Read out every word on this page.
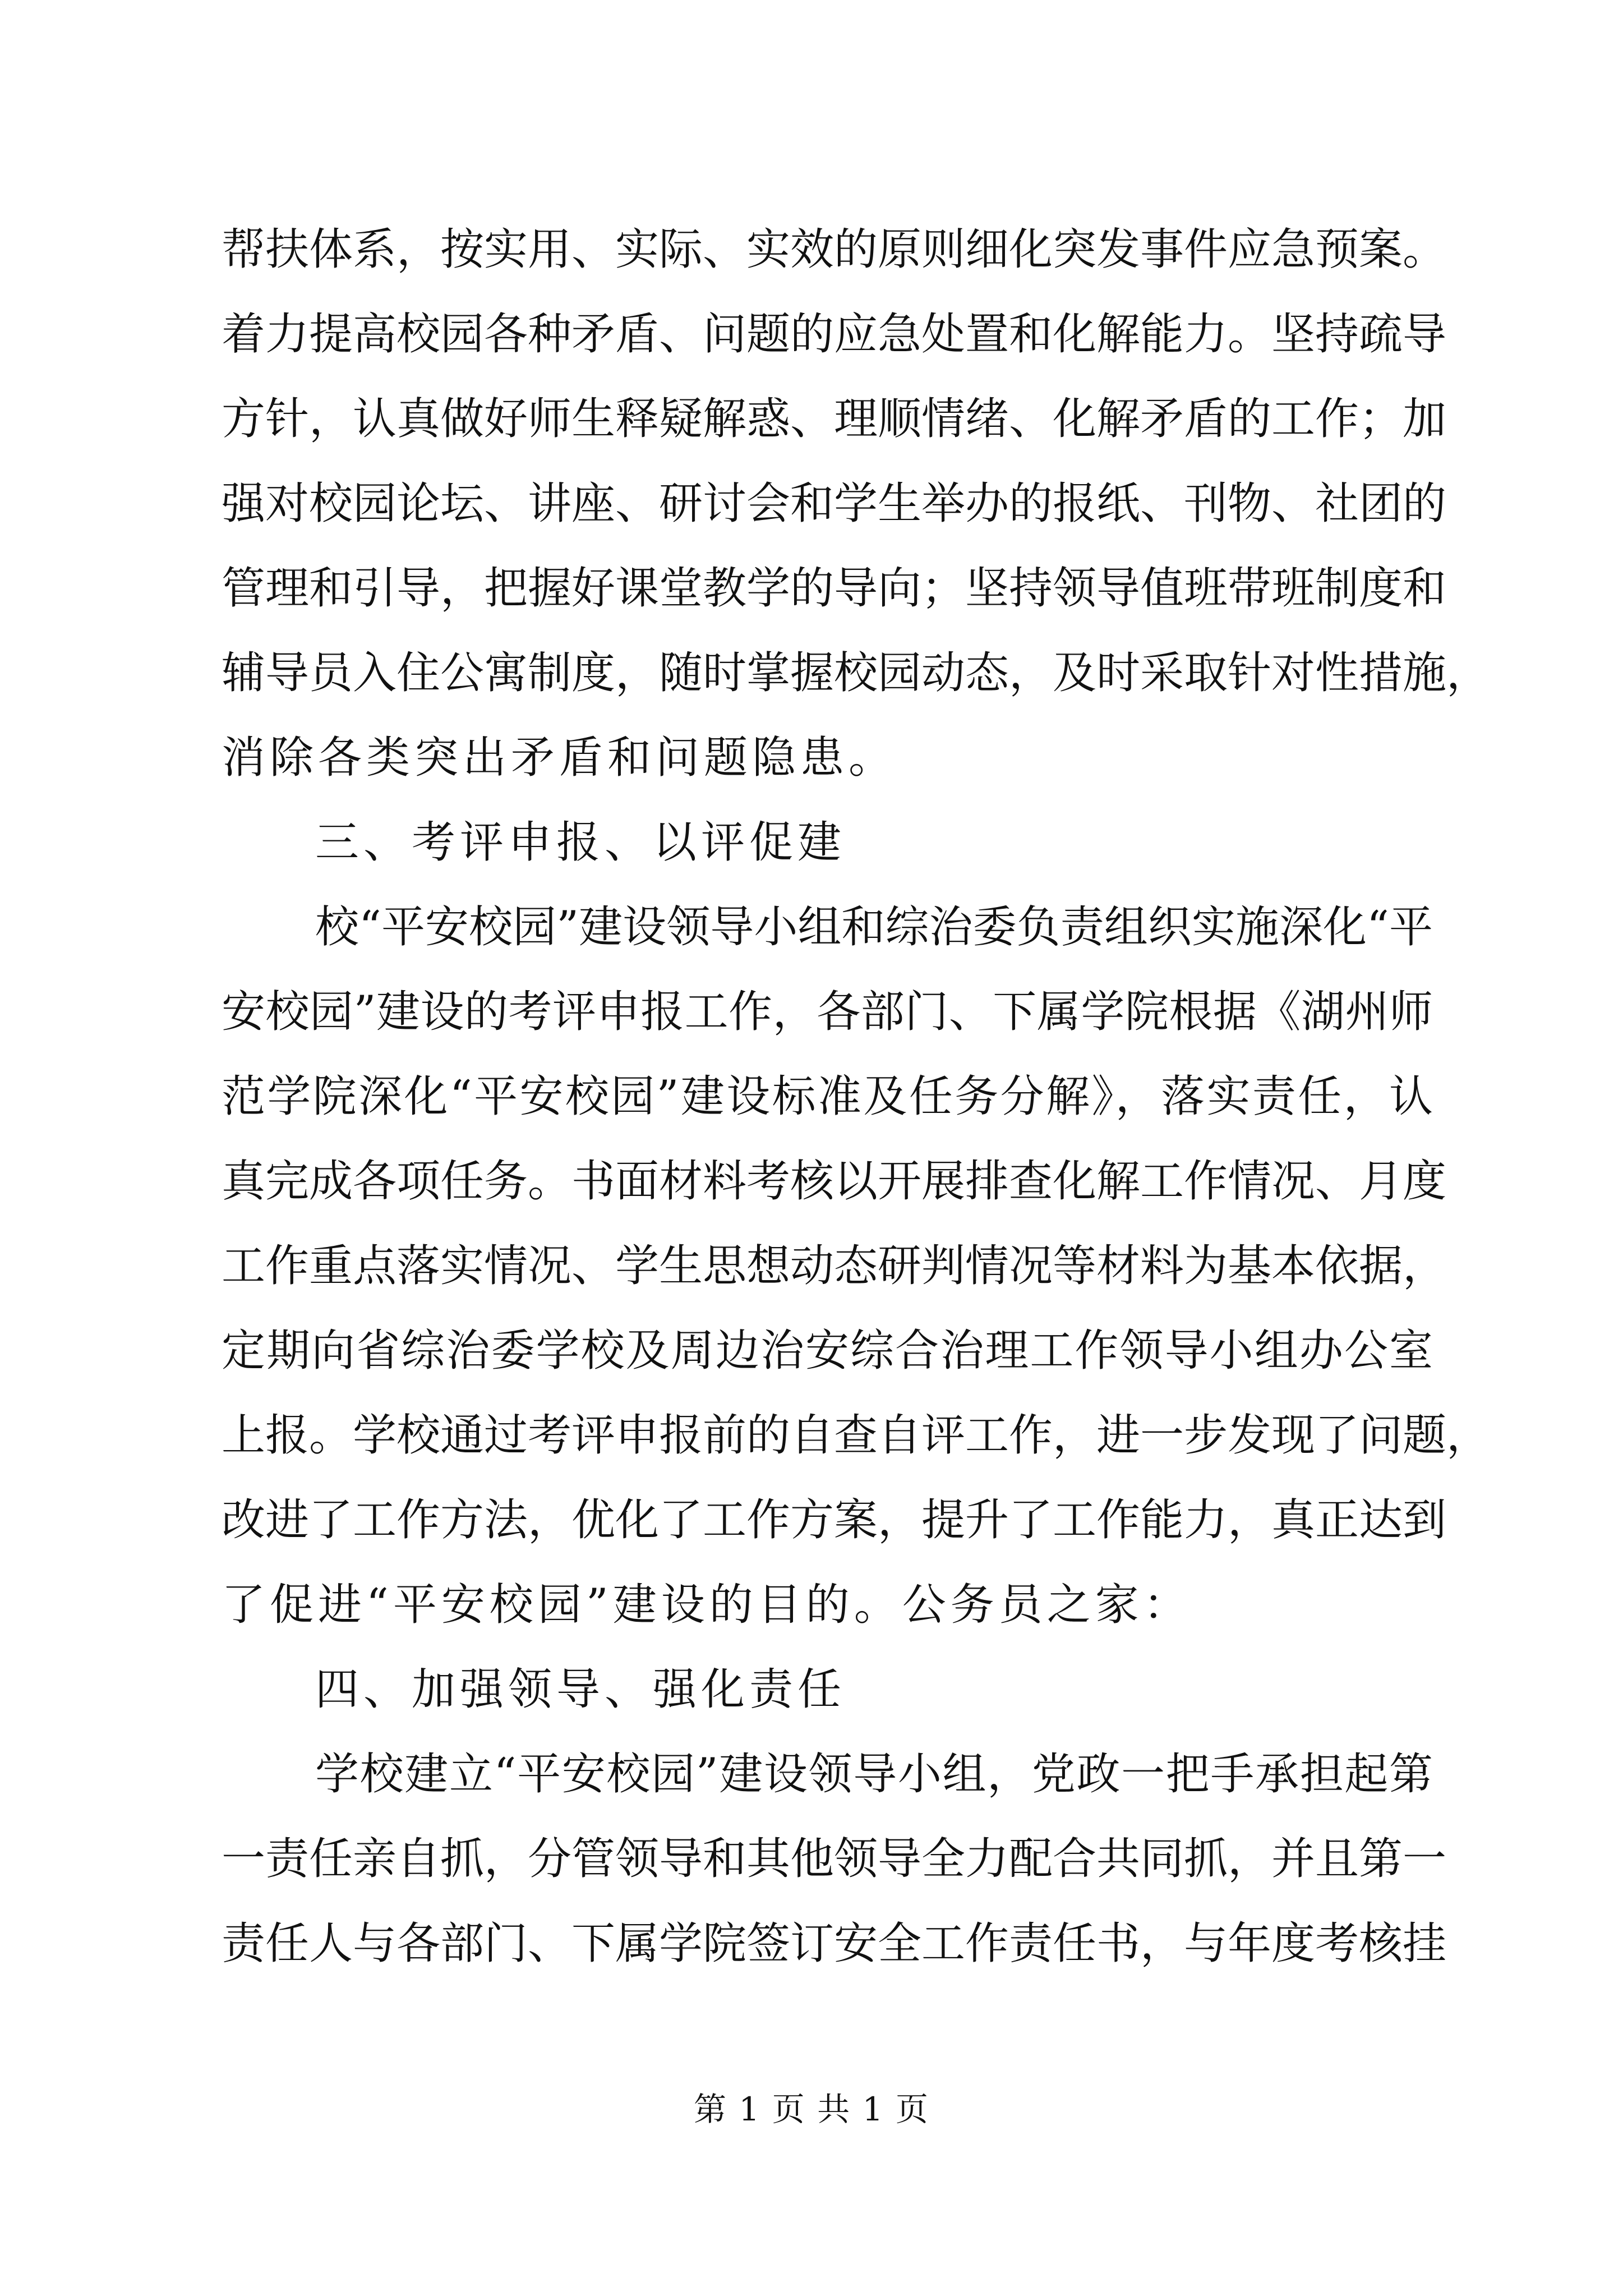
帮扶体系，按实用、实际、实效的原则细化突发事件应急预案。
着力提高校园各种矛盾、问题的应急处置和化解能力。坚持疏导
方针，认真做好师生释疑解惑、理顺情绪、化解矛盾的工作；加
强对校园论坛、讲座、研讨会和学生举办的报纸、刊物、社团的
管理和引导，把握好课堂教学的导向；坚持领导值班带班制度和
辅导员入住公寓制度，随时掌握校园动态，及时采取针对性措施，
消除各类突出矛盾和问题隐患。
三、考评申报、以评促建
校“平安校园”建设领导小组和综治委负责组织实施深化“平
安校园”建设的考评申报工作，各部门、下属学院根据《湖州师
范学院深化“平安校园”建设标准及任务分解》，落实责任，认
真完成各项任务。书面材料考核以开展排查化解工作情况、月度
工作重点落实情况、学生思想动态研判情况等材料为基本依据，
定期向省综治委学校及周边治安综合治理工作领导小组办公室
上报。学校通过考评申报前的自查自评工作，进一步发现了问题，
改进了工作方法，优化了工作方案，提升了工作能力，真正达到
了促进“平安校园”建设的目的。公务员之家：
四、加强领导、强化责任
学校建立“平安校园”建设领导小组，党政一把手承担起第
一责任亲自抓，分管领导和其他领导全力配合共同抓，并且第一
责任人与各部门、下属学院签订安全工作责任书，与年度考核挂
第 1 页 共 1 页
